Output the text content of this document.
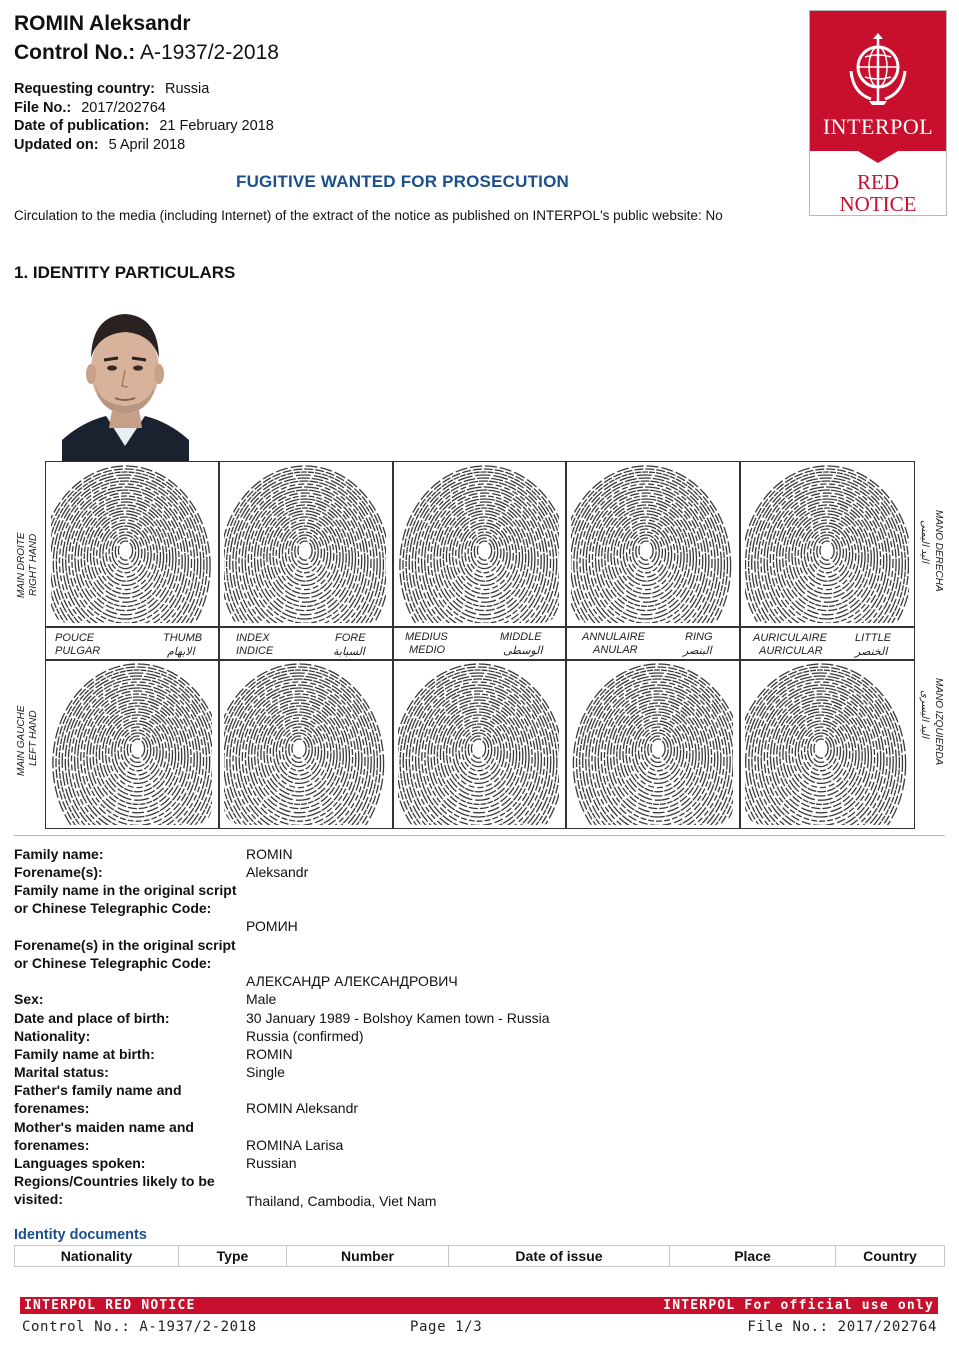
ROMIN Aleksandr
Control No.: A-1937/2-2018
Requesting country: Russia
File No.: 2017/202764
Date of publication: 21 February 2018
Updated on: 5 April 2018
FUGITIVE WANTED FOR PROSECUTION
Circulation to the media (including Internet) of the extract of the notice as published on INTERPOL's public website: No
INTERPOL
RED
NOTICE
1. IDENTITY PARTICULARS
POUCE
PULGAR
THUMB
الابهام
INDEX
INDICE
FORE
السبابة
MEDIUS
MEDIO
MIDDLE
الوسطى
ANNULAIRE
ANULAR
RING
البنصر
AURICULAIRE
AURICULAR
LITTLE
الخنصر
MAIN DROITE RIGHT HAND
MAIN GAUCHE LEFT HAND
MANO DERECHA
اليد اليمنى
MANO IZQUIERDA
اليد اليسرى
Family name:	ROMIN
Forename(s):	Aleksandr
Family name in the original script or Chinese Telegraphic Code:
РОМИН
Forename(s) in the original script or Chinese Telegraphic Code:
АЛЕКСАНДР АЛЕКСАНДРОВИЧ
Sex:	Male
Date and place of birth:	30 January 1989 - Bolshoy Kamen town - Russia
Nationality:	Russia (confirmed)
Family name at birth:	ROMIN
Marital status:	Single
Father's family name and forenames:	ROMIN Aleksandr
Mother's maiden name and forenames:	ROMINA Larisa
Languages spoken:	Russian
Regions/Countries likely to be visited:	Thailand, Cambodia, Viet Nam
Identity documents
Nationality	Type	Number	Date of issue	Place	Country
INTERPOL RED NOTICE	INTERPOL For official use only
Control No.: A-1937/2-2018	Page 1/3	File No.: 2017/202764
